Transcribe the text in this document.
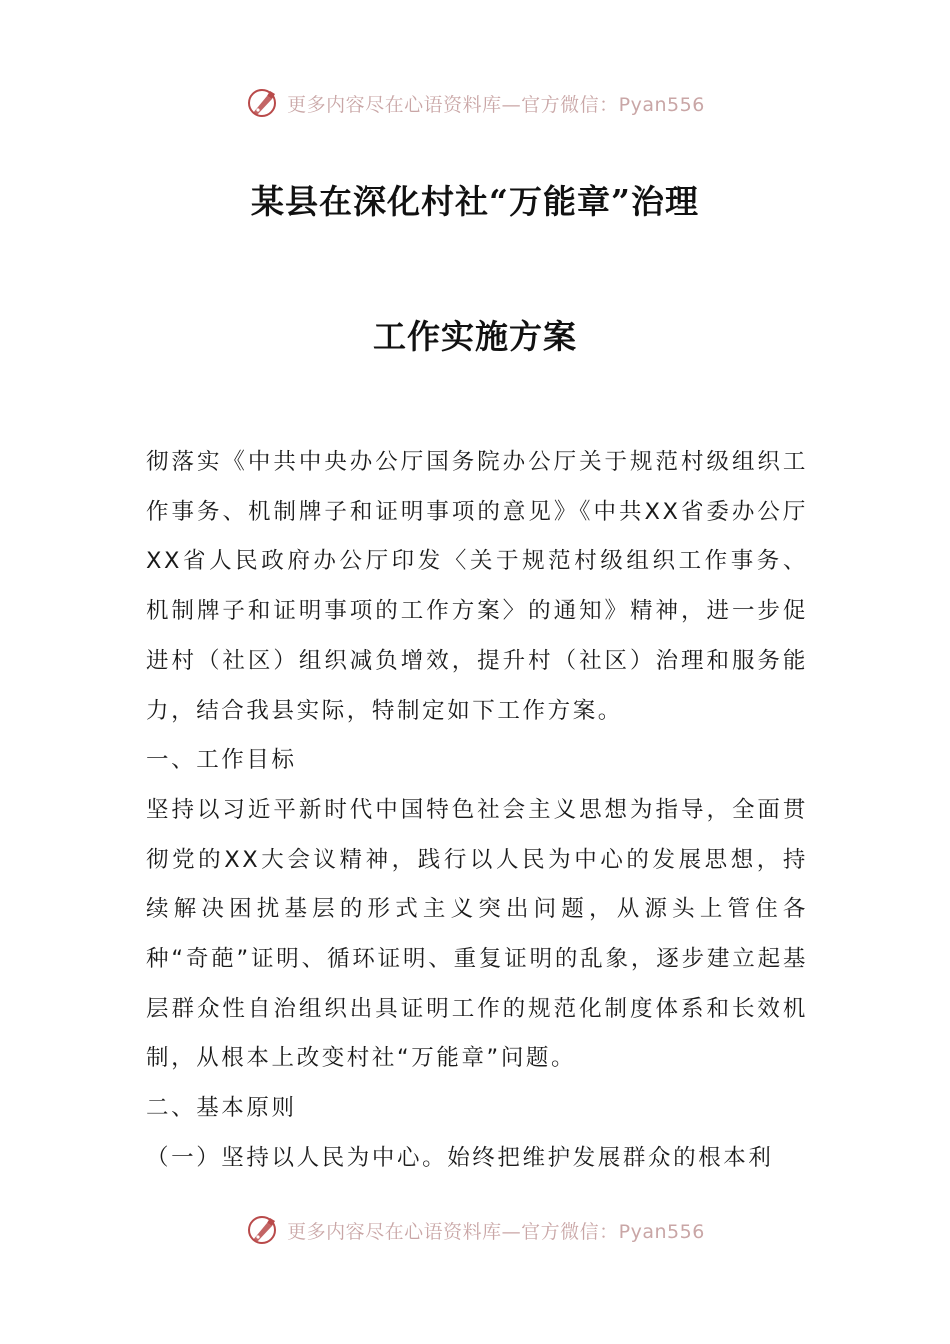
更多内容尽在心语资料库—官方微信：Pyan556
某县在深化村社“万能章”治理
工作实施方案

彻落实《中共中央办公厅国务院办公厅关于规范村级组织工作事务、机制牌子和证明事项的意见》《中共XX省委办公厅XX省人民政府办公厅印发〈关于规范村级组织工作事务、机制牌子和证明事项的工作方案〉的通知》精神，进一步促进村（社区）组织减负增效，提升村（社区）治理和服务能力，结合我县实际，特制定如下工作方案。

一、工作目标

坚持以习近平新时代中国特色社会主义思想为指导，全面贯彻党的XX大会议精神，践行以人民为中心的发展思想，持续解决困扰基层的形式主义突出问题，从源头上管住各种“奇葩”证明、循环证明、重复证明的乱象，逐步建立起基层群众性自治组织出具证明工作的规范化制度体系和长效机制，从根本上改变村社“万能章”问题。

二、基本原则

（一）坚持以人民为中心。始终把维护发展群众的根本利

更多内容尽在心语资料库—官方微信：Pyan556
